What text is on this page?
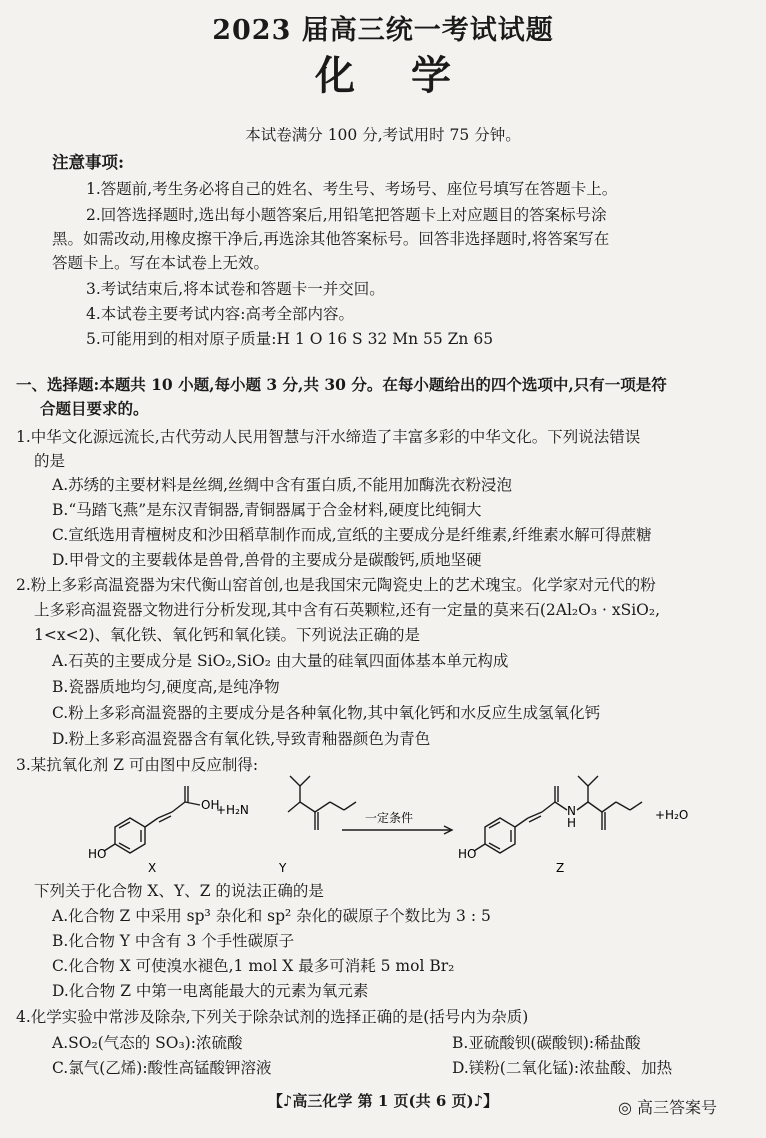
2023 届高三统一考试试题
化学
本试卷满分 100 分,考试用时 75 分钟。
注意事项:
1.答题前,考生务必将自己的姓名、考生号、考场号、座位号填写在答题卡上。
2.回答选择题时,选出每小题答案后,用铅笔把答题卡上对应题目的答案标号涂
黑。如需改动,用橡皮擦干净后,再选涂其他答案标号。回答非选择题时,将答案写在
答题卡上。写在本试卷上无效。
3.考试结束后,将本试卷和答题卡一并交回。
4.本试卷主要考试内容:高考全部内容。
5.可能用到的相对原子质量:H 1 O 16 S 32 Mn 55 Zn 65
一、选择题:本题共 10 小题,每小题 3 分,共 30 分。在每小题给出的四个选项中,只有一项是符
合题目要求的。
1.中华文化源远流长,古代劳动人民用智慧与汗水缔造了丰富多彩的中华文化。下列说法错误
的是
A.苏绣的主要材料是丝绸,丝绸中含有蛋白质,不能用加酶洗衣粉浸泡
B.“马踏飞燕”是东汉青铜器,青铜器属于合金材料,硬度比纯铜大
C.宣纸选用青檀树皮和沙田稻草制作而成,宣纸的主要成分是纤维素,纤维素水解可得蔗糖
D.甲骨文的主要载体是兽骨,兽骨的主要成分是碳酸钙,质地坚硬
2.粉上多彩高温瓷器为宋代衡山窑首创,也是我国宋元陶瓷史上的艺术瑰宝。化学家对元代的粉
上多彩高温瓷器文物进行分析发现,其中含有石英颗粒,还有一定量的莫来石(2Al₂O₃ · xSiO₂,
1<x<2)、氧化铁、氧化钙和氧化镁。下列说法正确的是
A.石英的主要成分是 SiO₂,SiO₂ 由大量的硅氧四面体基本单元构成
B.瓷器质地均匀,硬度高,是纯净物
C.粉上多彩高温瓷器的主要成分是各种氧化物,其中氧化钙和水反应生成氢氧化钙
D.粉上多彩高温瓷器含有氧化铁,导致青釉器颜色为青色
3.某抗氧化剂 Z 可由图中反应制得:
HO
OH
+H₂N
X	Y
一定条件
HO
N
H
+H₂O
Z
下列关于化合物 X、Y、Z 的说法正确的是
A.化合物 Z 中采用 sp³ 杂化和 sp² 杂化的碳原子个数比为 3 : 5
B.化合物 Y 中含有 3 个手性碳原子
C.化合物 X 可使溴水褪色,1 mol X 最多可消耗 5 mol Br₂
D.化合物 Z 中第一电离能最大的元素为氧元素
4.化学实验中常涉及除杂,下列关于除杂试剂的选择正确的是(括号内为杂质)
A.SO₂(气态的 SO₃):浓硫酸	B.亚硫酸钡(碳酸钡):稀盐酸
C.氯气(乙烯):酸性高锰酸钾溶液	D.镁粉(二氧化锰):浓盐酸、加热
【♪高三化学 第 1 页(共 6 页)♪】	◎ 高三答案号
